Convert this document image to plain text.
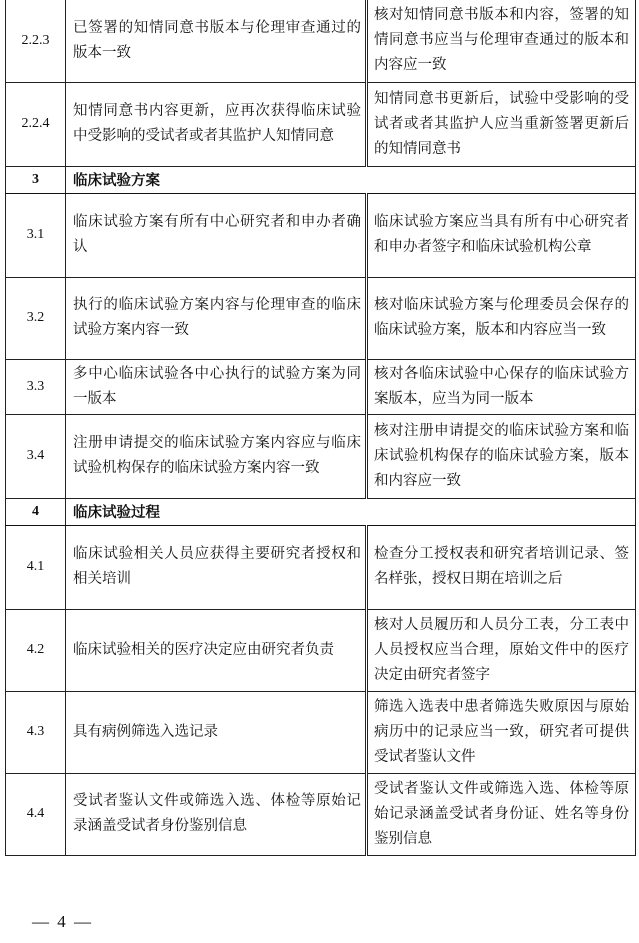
2.2.3	已签署的知情同意书版本与伦理审查通过的版本一致	核对知情同意书版本和内容，签署的知情同意书应当与伦理审查通过的版本和内容应一致
2.2.4	知情同意书内容更新，应再次获得临床试验中受影响的受试者或者其监护人知情同意	知情同意书更新后，试验中受影响的受试者或者其监护人应当重新签署更新后的知情同意书
3	临床试验方案	
3.1	临床试验方案有所有中心研究者和申办者确认	临床试验方案应当具有所有中心研究者和申办者签字和临床试验机构公章
3.2	执行的临床试验方案内容与伦理审查的临床试验方案内容一致	核对临床试验方案与伦理委员会保存的临床试验方案，版本和内容应当一致
3.3	多中心临床试验各中心执行的试验方案为同一版本	核对各临床试验中心保存的临床试验方案版本，应当为同一版本
3.4	注册申请提交的临床试验方案内容应与临床试验机构保存的临床试验方案内容一致	核对注册申请提交的临床试验方案和临床试验机构保存的临床试验方案，版本和内容应一致
4	临床试验过程	
4.1	临床试验相关人员应获得主要研究者授权和相关培训	检查分工授权表和研究者培训记录、签名样张，授权日期在培训之后
4.2	临床试验相关的医疗决定应由研究者负责	核对人员履历和人员分工表，分工表中人员授权应当合理，原始文件中的医疗决定由研究者签字
4.3	具有病例筛选入选记录	筛选入选表中患者筛选失败原因与原始病历中的记录应当一致，研究者可提供受试者鉴认文件
4.4	受试者鉴认文件或筛选入选、体检等原始记录涵盖受试者身份鉴别信息	受试者鉴认文件或筛选入选、体检等原始记录涵盖受试者身份证、姓名等身份鉴别信息
— 4 —
